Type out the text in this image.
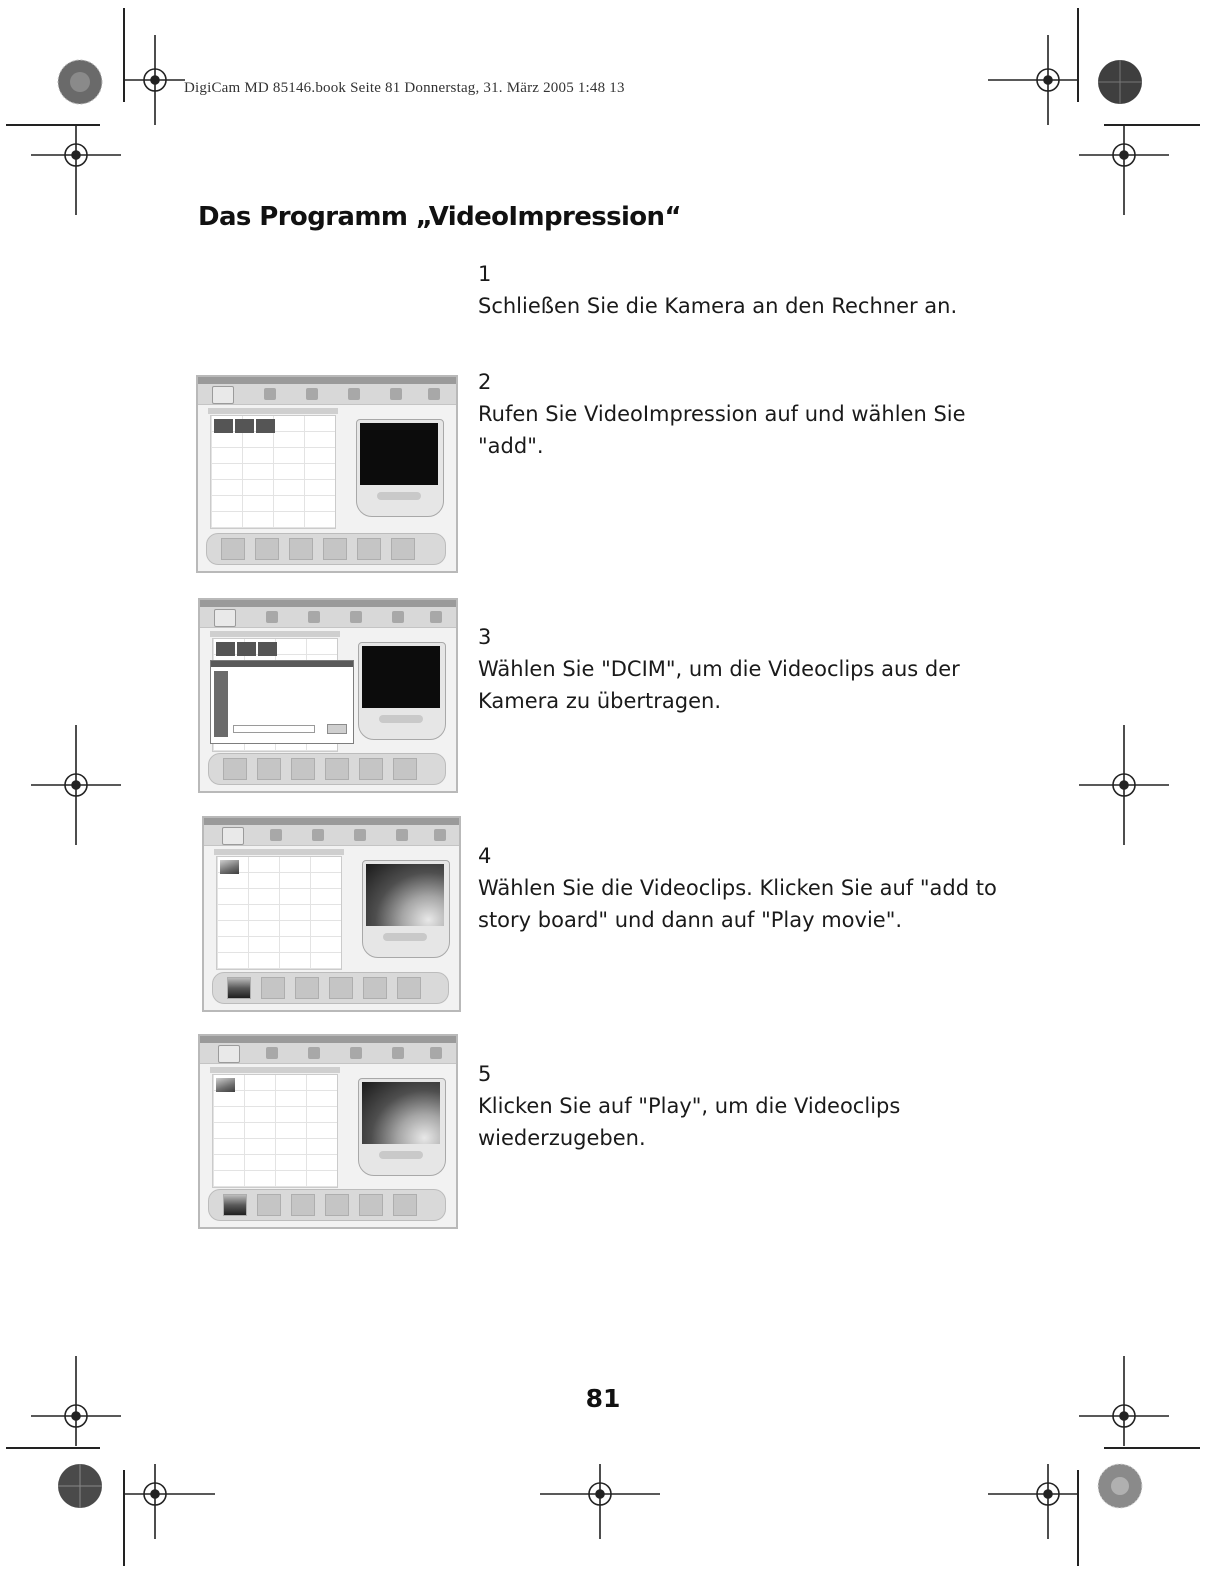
DigiCam MD 85146.book Seite 81 Donnerstag, 31. März 2005 1:48 13
Das Programm „VideoImpression“
1
Schließen Sie die Kamera an den Rechner an.
2
Rufen Sie VideoImpression auf und wählen Sie "add".
3
Wählen Sie "DCIM", um die Videoclips aus der Kamera zu übertragen.
4
Wählen Sie die Videoclips. Klicken Sie auf "add to story board" und dann auf "Play movie".
5
Klicken Sie auf "Play", um die Videoclips wiederzugeben.
81
